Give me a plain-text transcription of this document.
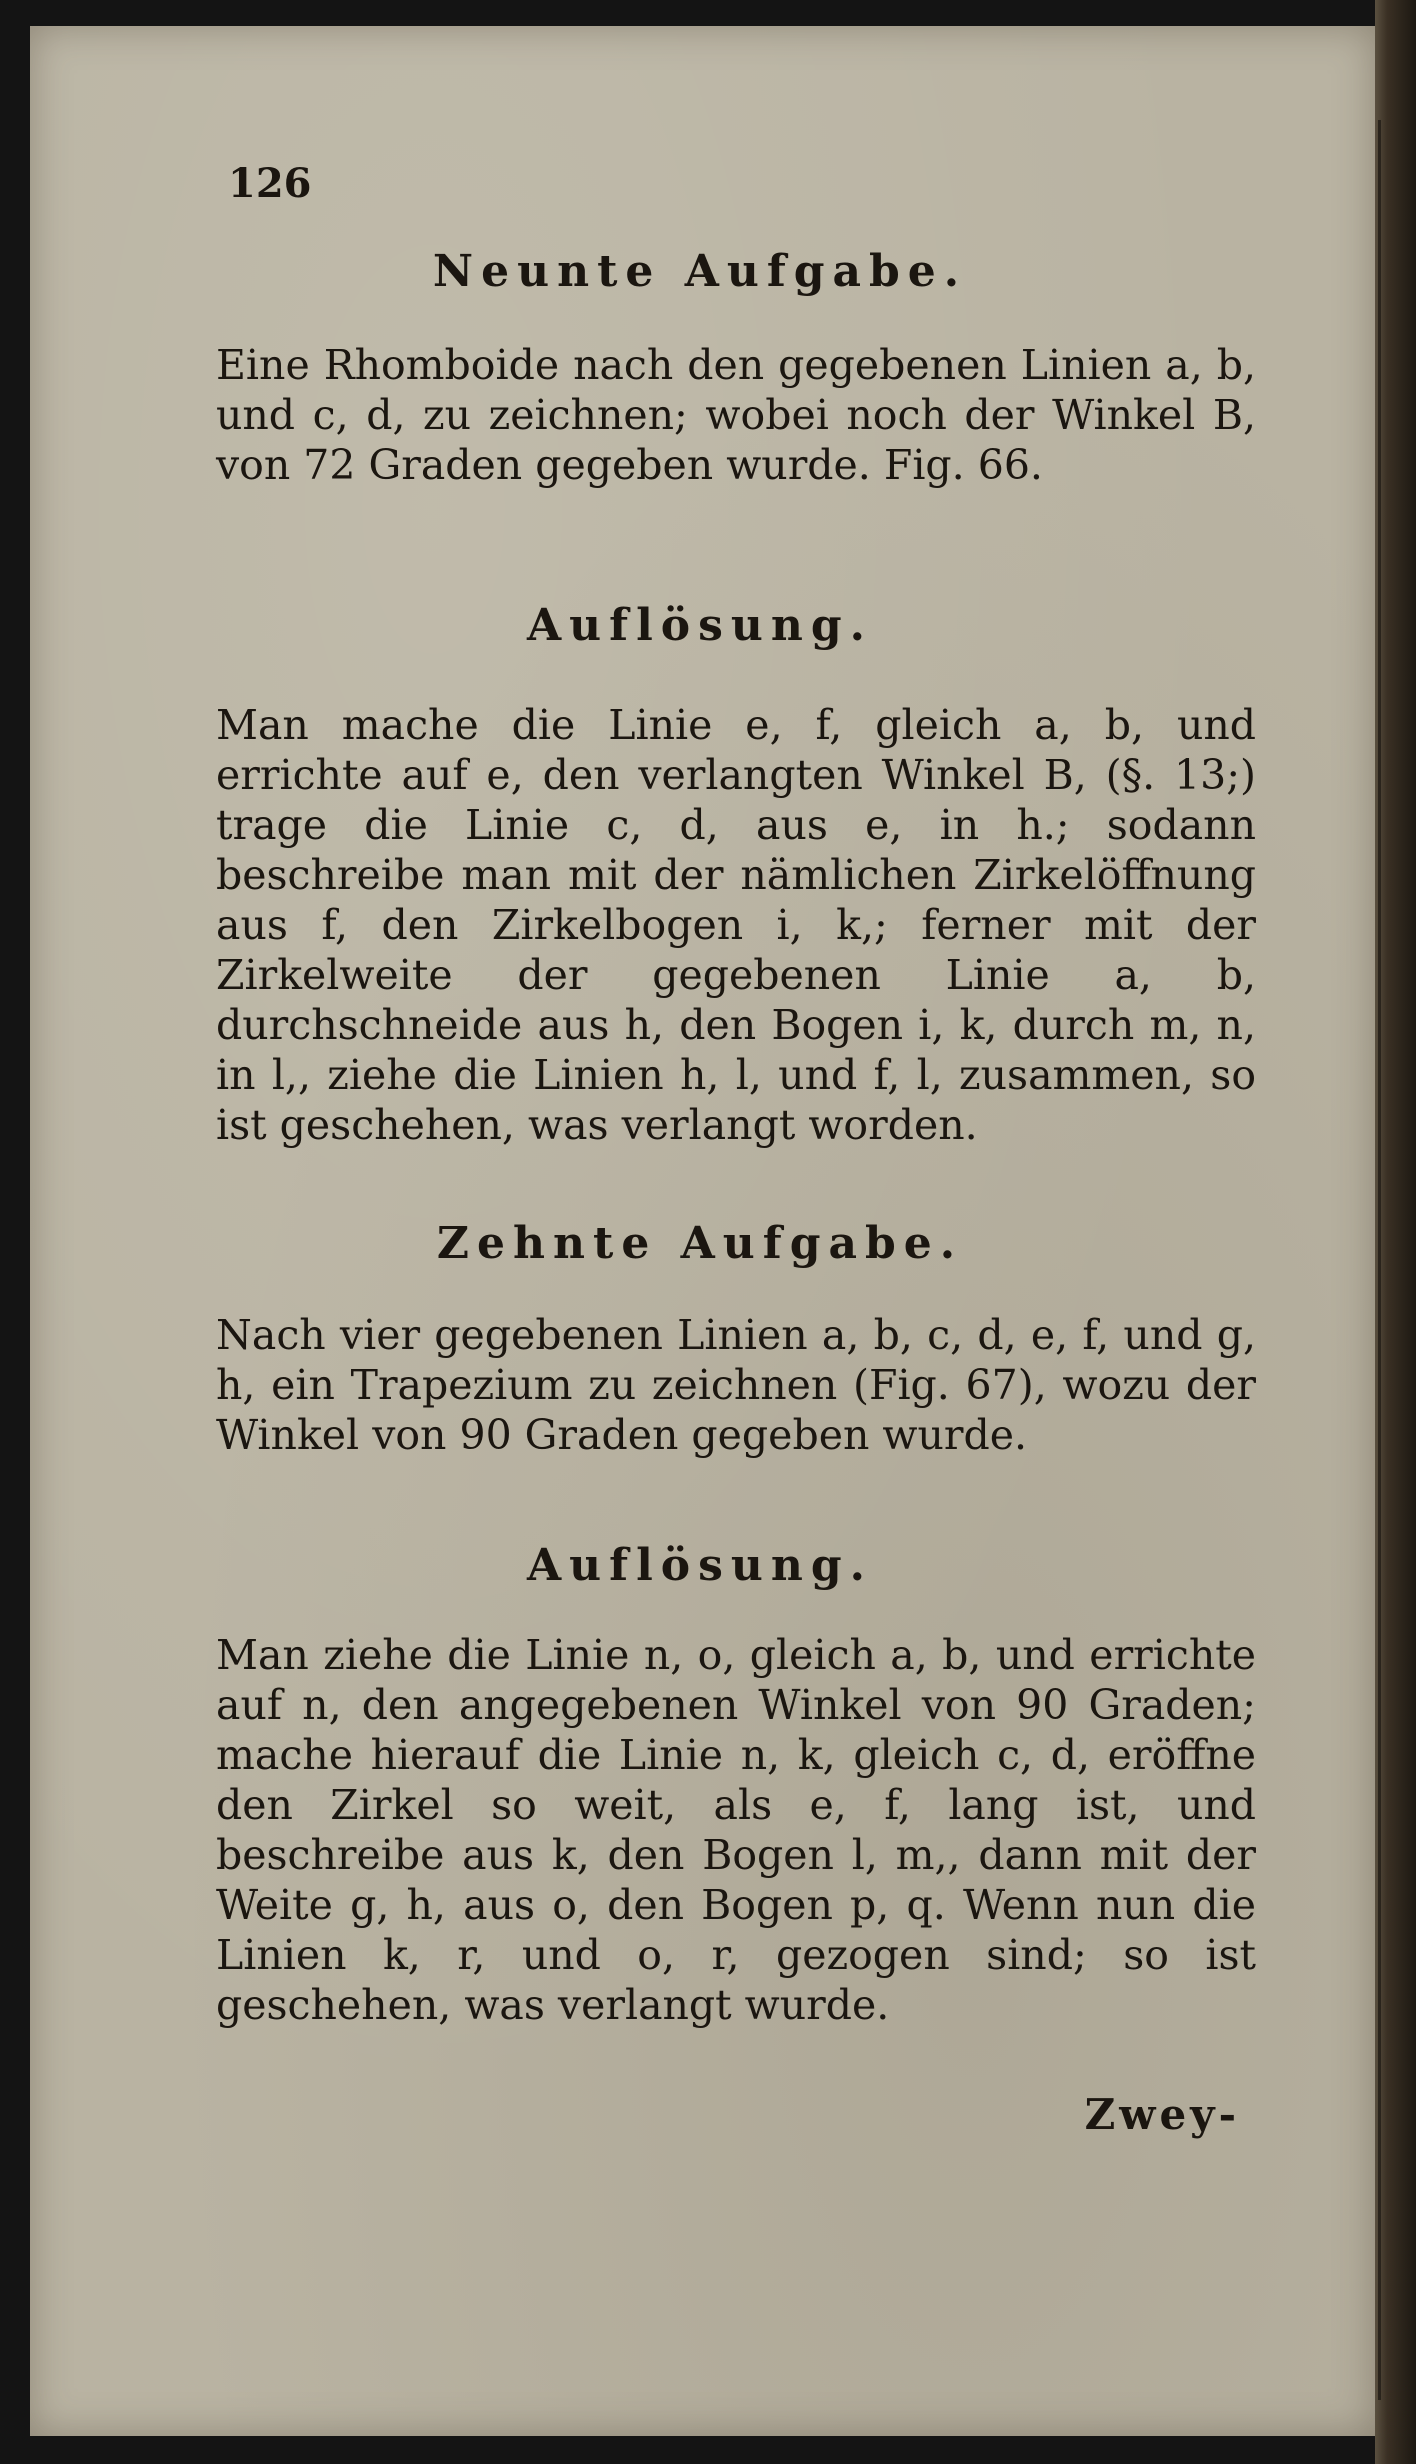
126
Neunte Aufgabe.

Eine Rhomboide nach den gegebenen Linien a, b, und c, d, zu zeichnen; wobei noch der Winkel B, von 72 Graden gegeben wurde. Fig. 66.

Auflösung.

Man mache die Linie e, f, gleich a, b, und errichte auf e, den verlangten Winkel B, (§. 13;) trage die Linie c, d, aus e, in h.; sodann beschreibe man mit der nämlichen Zirkelöffnung aus f, den Zirkelbogen i, k,; ferner mit der Zirkelweite der gegebenen Linie a, b, durchschneide aus h, den Bogen i, k, durch m, n, in l,, ziehe die Linien h, l, und f, l, zusammen, so ist geschehen, was verlangt worden.

Zehnte Aufgabe.

Nach vier gegebenen Linien a, b, c, d, e, f, und g, h, ein Trapezium zu zeichnen (Fig. 67), wozu der Winkel von 90 Graden gegeben wurde.

Auflösung.

Man ziehe die Linie n, o, gleich a, b, und errichte auf n, den angegebenen Winkel von 90 Graden; mache hierauf die Linie n, k, gleich c, d, eröffne den Zirkel so weit, als e, f, lang ist, und beschreibe aus k, den Bogen l, m,, dann mit der Weite g, h, aus o, den Bogen p, q. Wenn nun die Linien k, r, und o, r, gezogen sind; so ist geschehen, was verlangt wurde.

Zwey-
